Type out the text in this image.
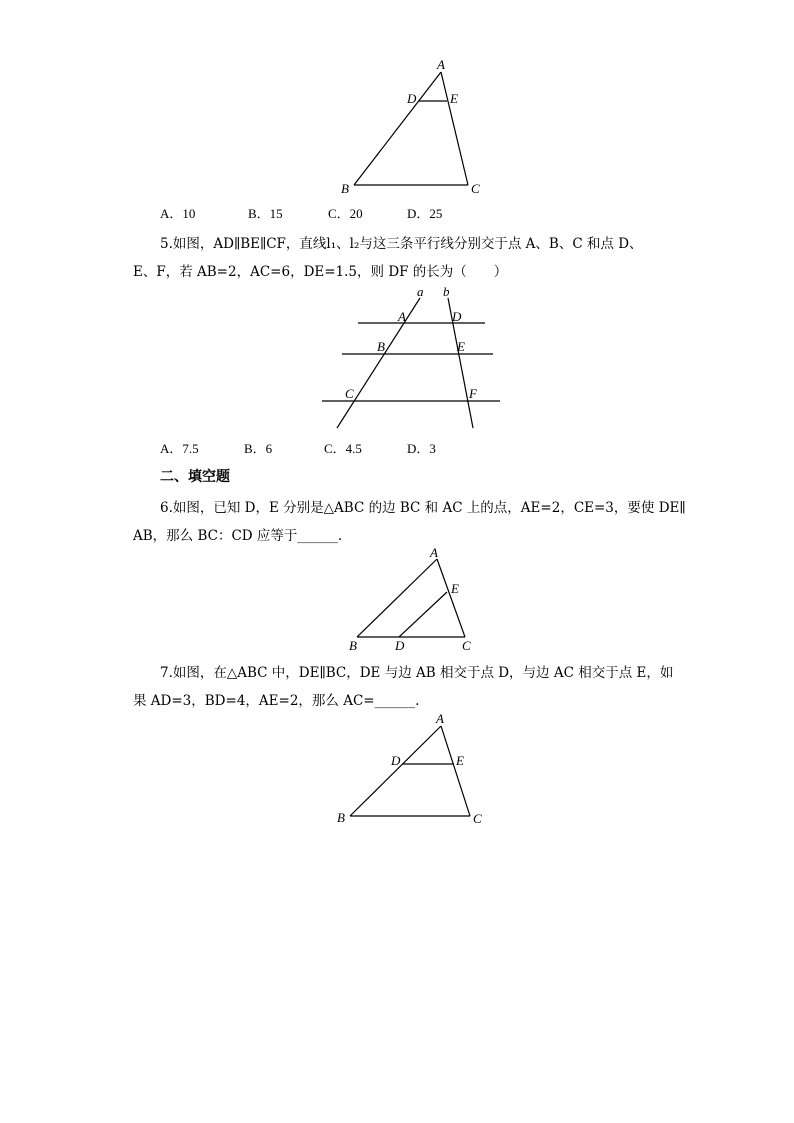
A
D	E
B	C
A．10	B．15	C．20	D．25
5.如图，AD∥BE∥CF，直线l₁、l₂与这三条平行线分别交于点 A、B、C 和点 D、
E、F，若 AB=2，AC=6，DE=1.5，则 DF 的长为（　　）
a b
A	D
B	E
C	F
A．7.5	B．6	C．4.5	D．3
二、填空题
6.如图，已知 D，E 分别是△ABC 的边 BC 和 AC 上的点，AE=2，CE=3，要使 DE∥
AB，那么 BC：CD 应等于______.
A
E
B	D	C
7.如图，在△ABC 中，DE∥BC，DE 与边 AB 相交于点 D，与边 AC 相交于点 E，如
果 AD=3，BD=4，AE=2，那么 AC=______.
A
D	E
B	C
